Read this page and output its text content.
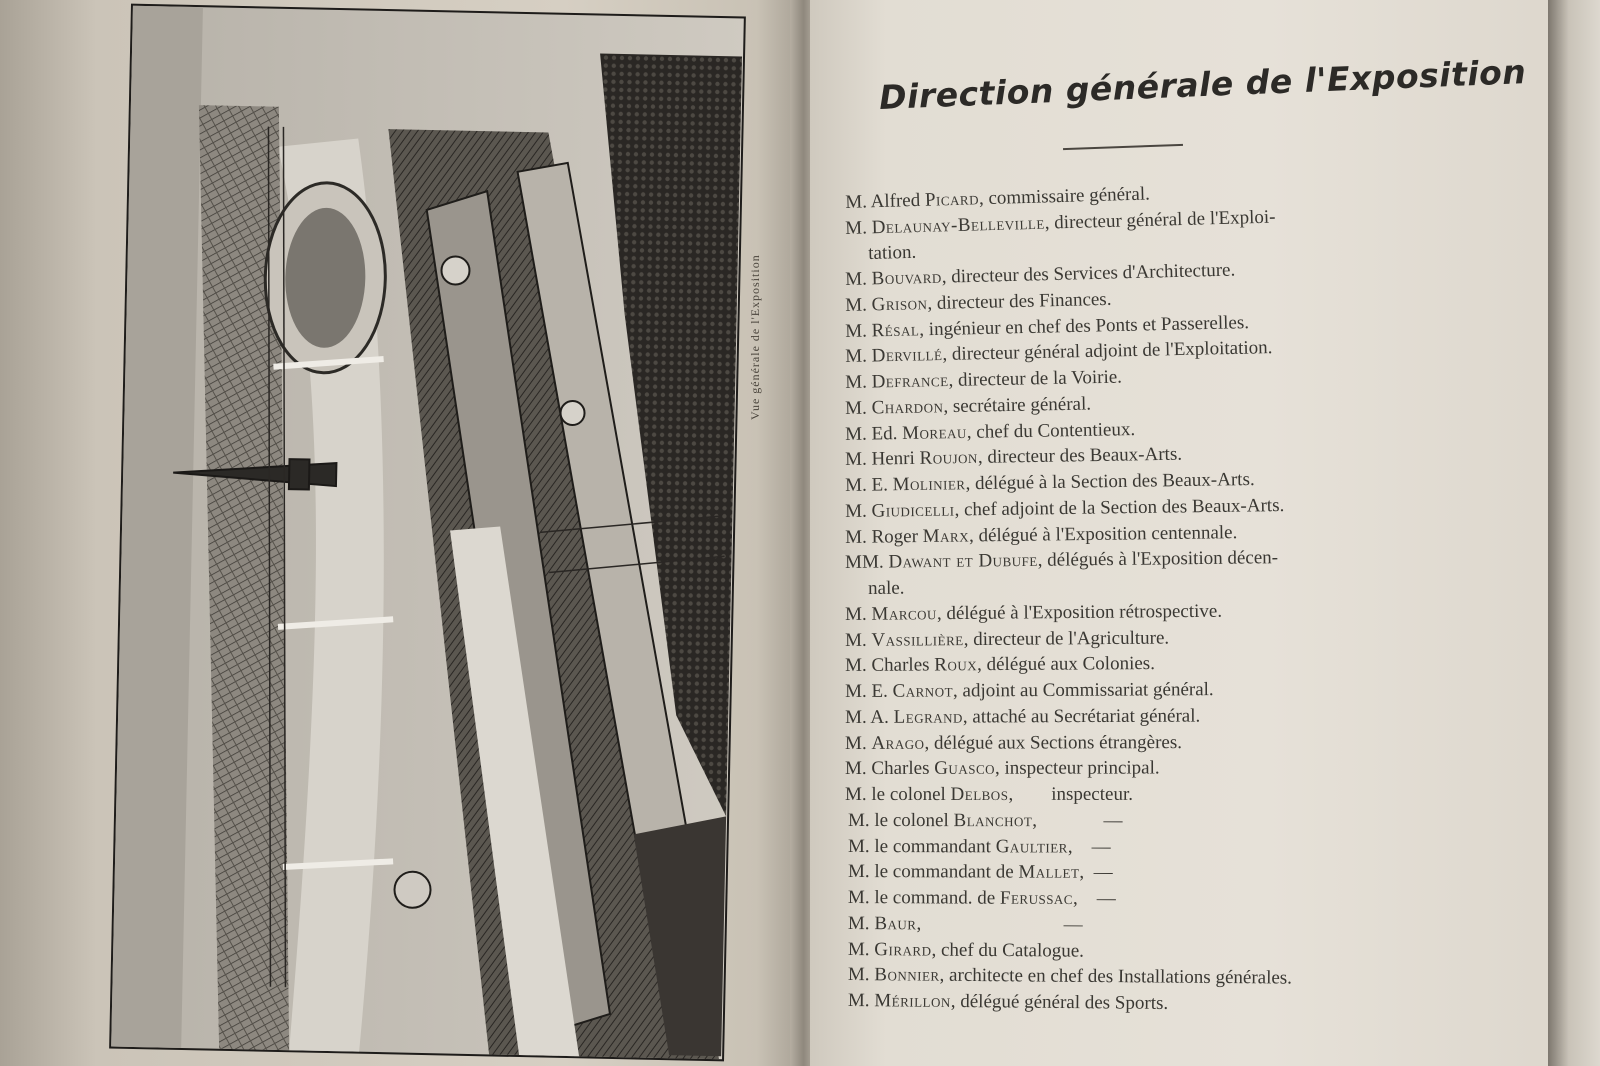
Vue générale de l'Exposition
Direction générale de l'Exposition
M. Alfred Picard, commissaire général.
M. Delaunay-Belleville, directeur général de l'Exploi-
tation.
M. Bouvard, directeur des Services d'Architecture.
M. Grison, directeur des Finances.
M. Résal, ingénieur en chef des Ponts et Passerelles.
M. Dervillé, directeur général adjoint de l'Exploitation.
M. Defrance, directeur de la Voirie.
M. Chardon, secrétaire général.
M. Ed. Moreau, chef du Contentieux.
M. Henri Roujon, directeur des Beaux-Arts.
M. E. Molinier, délégué à la Section des Beaux-Arts.
M. Giudicelli, chef adjoint de la Section des Beaux-Arts.
M. Roger Marx, délégué à l'Exposition centennale.
MM. Dawant et Dubufe, délégués à l'Exposition décen-
nale.
M. Marcou, délégué à l'Exposition rétrospective.
M. Vassillière, directeur de l'Agriculture.
M. Charles Roux, délégué aux Colonies.
M. E. Carnot, adjoint au Commissariat général.
M. A. Legrand, attaché au Secrétariat général.
M. Arago, délégué aux Sections étrangères.
M. Charles Guasco, inspecteur principal.
M. le colonel Delbos,        inspecteur.
M. le colonel Blanchot,              —
M. le commandant Gaultier,    —
M. le commandant de Mallet,  —
M. le command. de Ferussac,    —
M. Baur,                              —
M. Girard, chef du Catalogue.
M. Bonnier, architecte en chef des Installations générales.
M. Mérillon, délégué général des Sports.
